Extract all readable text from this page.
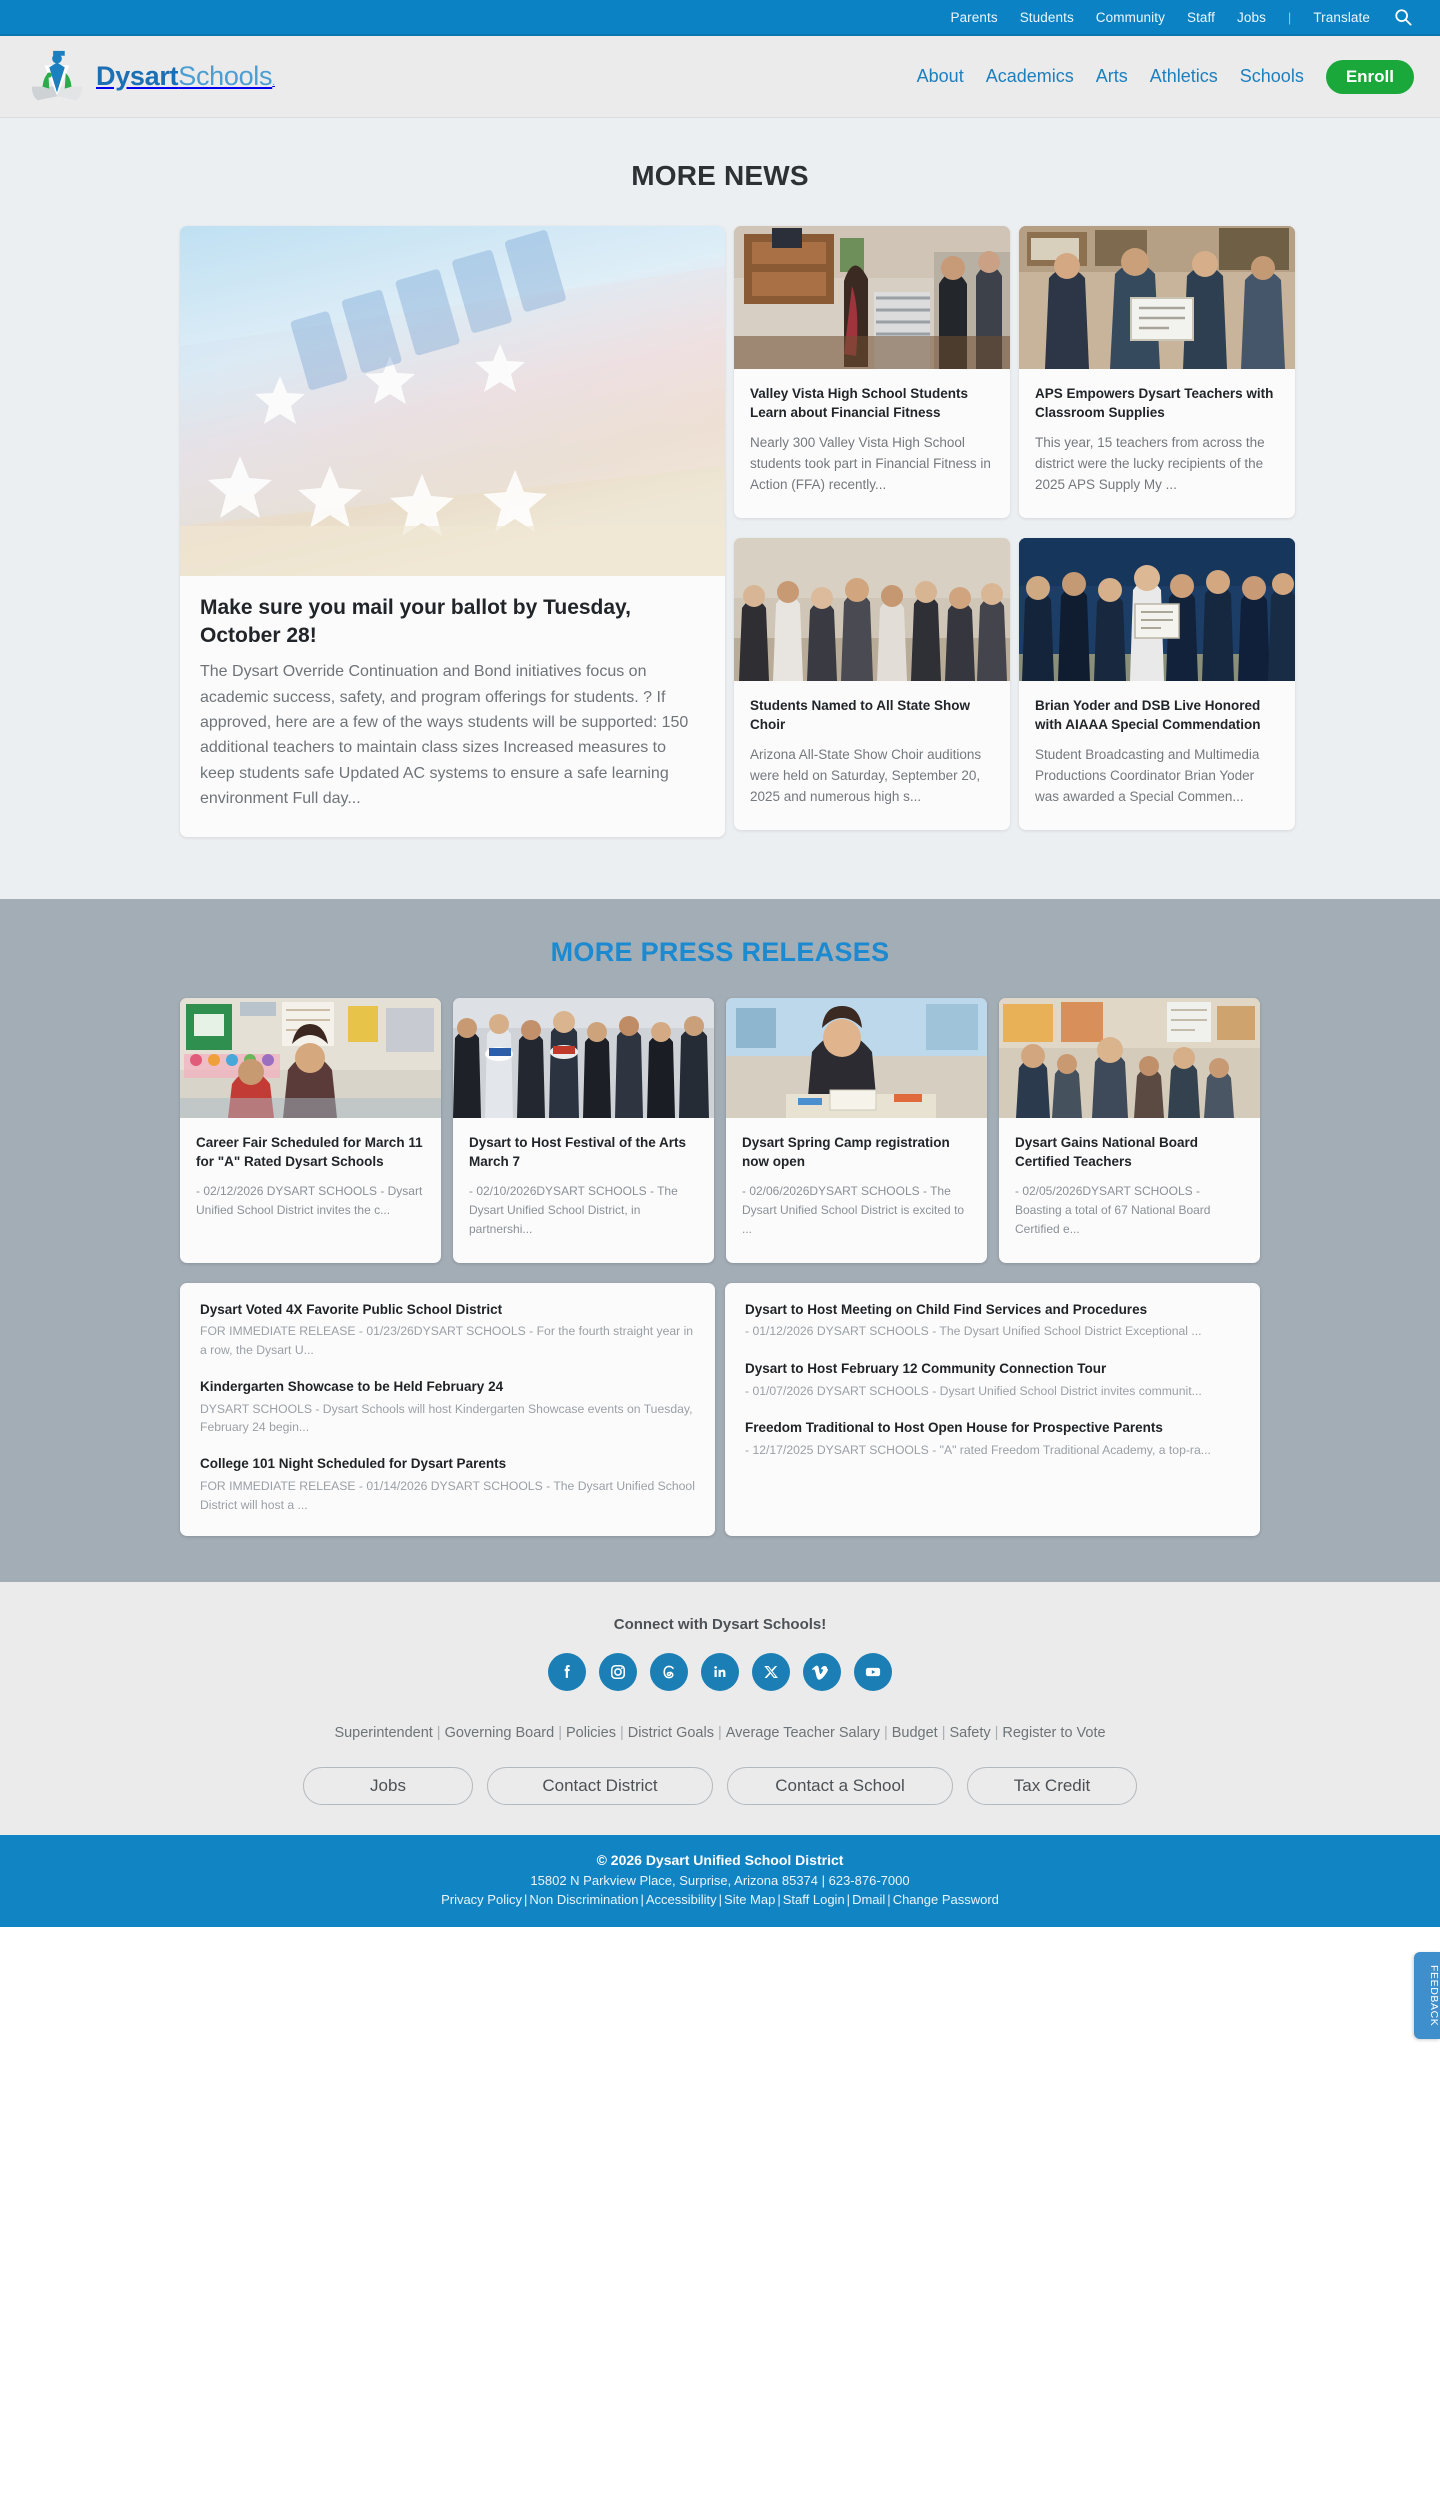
Parents Students Community Staff Jobs | Translate
Dysart Schools .	About Academics Arts Athletics Schools	Enroll
MORE NEWS
Make sure you mail your ballot by Tuesday, October 28!

The Dysart Override Continuation and Bond initiatives focus on academic success, safety, and program offerings for students. ? If approved, here are a few of the ways students will be supported: 150 additional teachers to maintain class sizes Increased measures to keep students safe Updated AC systems to ensure a safe learning environment Full day...

Valley Vista High School Students Learn about Financial Fitness

Nearly 300 Valley Vista High School students took part in Financial Fitness in Action (FFA) recently...

APS Empowers Dysart Teachers with Classroom Supplies

This year, 15 teachers from across the district were the lucky recipients of the 2025 APS Supply My ...

Students Named to All State Show Choir

Arizona All-State Show Choir auditions were held on Saturday, September 20, 2025 and numerous high s...

Brian Yoder and DSB Live Honored with AIAAA Special Commendation

Student Broadcasting and Multimedia Productions Coordinator Brian Yoder was awarded a Special Commen...

MORE PRESS RELEASES
Career Fair Scheduled for March 11 for "A" Rated Dysart Schools

- 02/12/2026 DYSART SCHOOLS - Dysart Unified School District invites the c...

Dysart to Host Festival of the Arts March 7

- 02/10/2026DYSART SCHOOLS - The Dysart Unified School District, in partnershi...

Dysart Spring Camp registration now open

- 02/06/2026DYSART SCHOOLS - The Dysart Unified School District is excited to ...

Dysart Gains National Board Certified Teachers

- 02/05/2026DYSART SCHOOLS - Boasting a total of 67 National Board Certified e...

Dysart Voted 4X Favorite Public School District
FOR IMMEDIATE RELEASE - 01/23/26DYSART SCHOOLS - For the fourth straight year in a row, the Dysart U...
Kindergarten Showcase to be Held February 24
DYSART SCHOOLS - Dysart Schools will host Kindergarten Showcase events on Tuesday, February 24 begin...
College 101 Night Scheduled for Dysart Parents
FOR IMMEDIATE RELEASE - 01/14/2026 DYSART SCHOOLS - The Dysart Unified School District will host a ...
Dysart to Host Meeting on Child Find Services and Procedures
- 01/12/2026 DYSART SCHOOLS - The Dysart Unified School District Exceptional ...
Dysart to Host February 12 Community Connection Tour
- 01/07/2026 DYSART SCHOOLS - Dysart Unified School District invites communit...
Freedom Traditional to Host Open House for Prospective Parents
- 12/17/2025 DYSART SCHOOLS - "A" rated Freedom Traditional Academy, a top-ra...
Connect with Dysart Schools!
Superintendent | Governing Board | Policies | District Goals | Average Teacher Salary | Budget | Safety | Register to Vote
Jobs	Contact District	Contact a School	Tax Credit
© 2026 Dysart Unified School District
15802 N Parkview Place, Surprise, Arizona 85374 | 623-876-7000
Privacy Policy | Non Discrimination | Accessibility | Site Map | Staff Login | Dmail | Change Password
FEEDBACK
